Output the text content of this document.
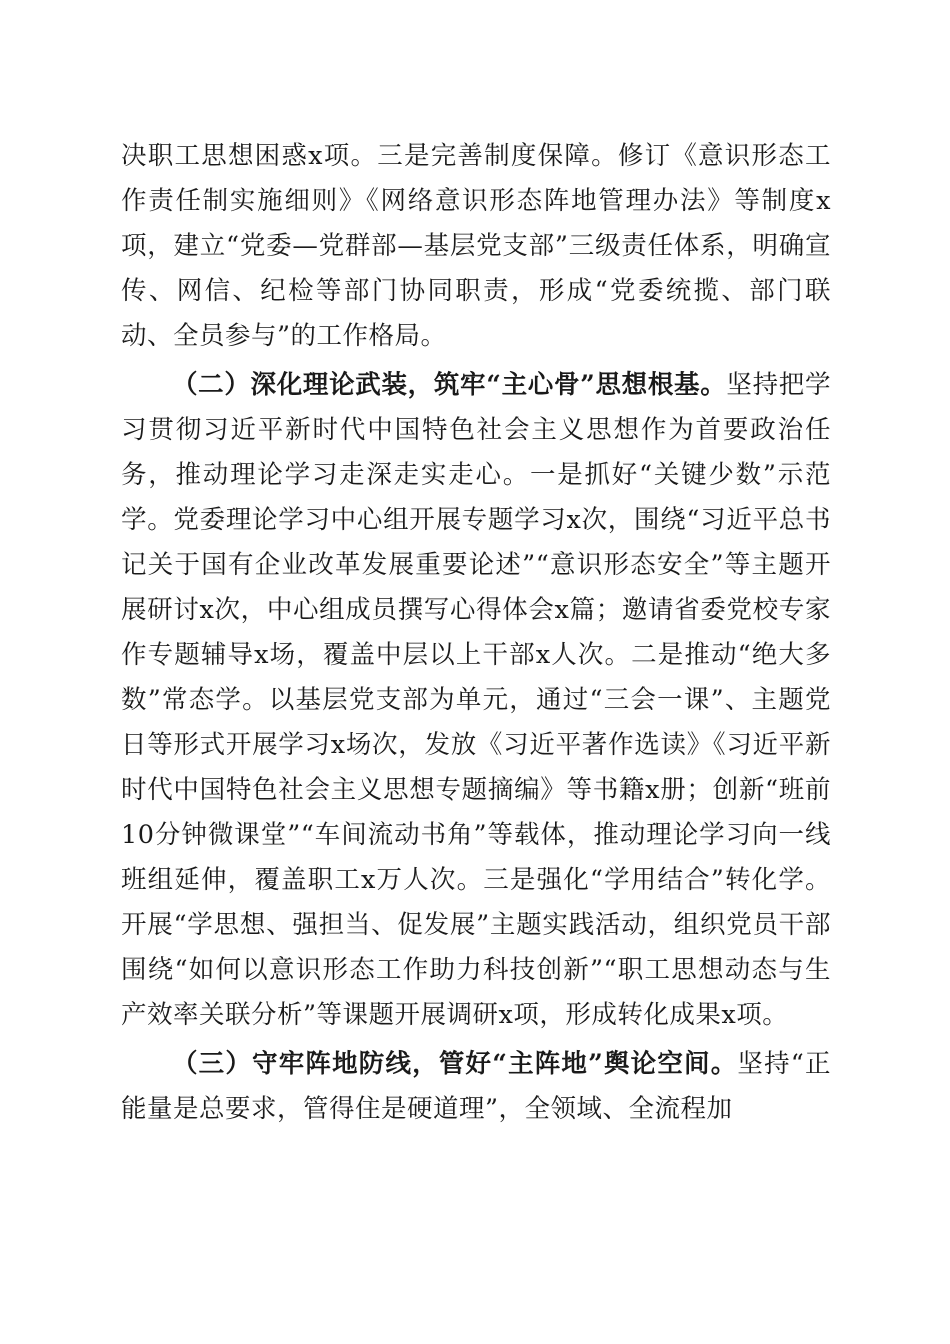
决职工思想困惑x项。三是完善制度保障。修订《意识形态工作责任制实施细则》《网络意识形态阵地管理办法》等制度x项，建立“党委—党群部—基层党支部”三级责任体系，明确宣传、网信、纪检等部门协同职责，形成“党委统揽、部门联动、全员参与”的工作格局。

（二）深化理论武装，筑牢“主心骨”思想根基。坚持把学习贯彻习近平新时代中国特色社会主义思想作为首要政治任务，推动理论学习走深走实走心。一是抓好“关键少数”示范学。党委理论学习中心组开展专题学习x次，围绕“习近平总书记关于国有企业改革发展重要论述”“意识形态安全”等主题开展研讨x次，中心组成员撰写心得体会x篇；邀请省委党校专家作专题辅导x场，覆盖中层以上干部x人次。二是推动“绝大多数”常态学。以基层党支部为单元，通过“三会一课”、主题党日等形式开展学习x场次，发放《习近平著作选读》《习近平新时代中国特色社会主义思想专题摘编》等书籍x册；创新“班前10分钟微课堂”“车间流动书角”等载体，推动理论学习向一线班组延伸，覆盖职工x万人次。三是强化“学用结合”转化学。开展“学思想、强担当、促发展”主题实践活动，组织党员干部围绕“如何以意识形态工作助力科技创新”“职工思想动态与生产效率关联分析”等课题开展调研x项，形成转化成果x项。

（三）守牢阵地防线，管好“主阵地”舆论空间。坚持“正能量是总要求，管得住是硬道理”，全领域、全流程加
